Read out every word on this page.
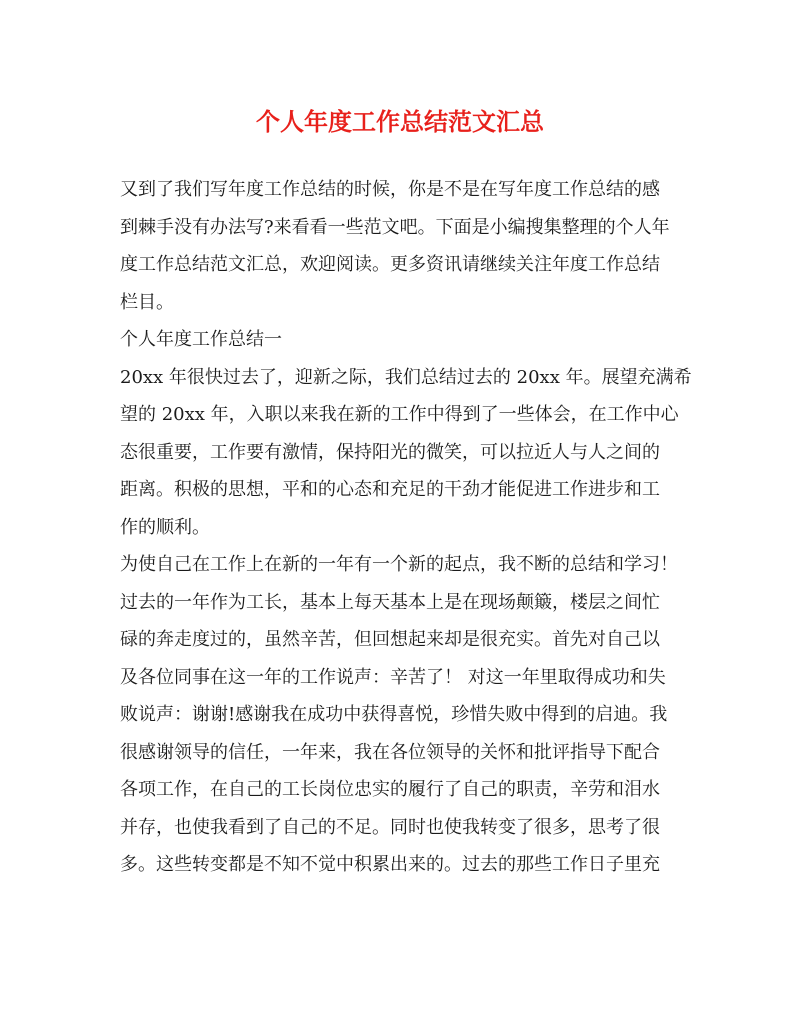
个人年度工作总结范文汇总
又到了我们写年度工作总结的时候，你是不是在写年度工作总结的感
到棘手没有办法写?来看看一些范文吧。下面是小编搜集整理的个人年
度工作总结范文汇总，欢迎阅读。更多资讯请继续关注年度工作总结
栏目。
个人年度工作总结一
20xx 年很快过去了，迎新之际，我们总结过去的 20xx 年。展望充满希
望的 20xx 年，入职以来我在新的工作中得到了一些体会，在工作中心
态很重要，工作要有激情，保持阳光的微笑，可以拉近人与人之间的
距离。积极的思想，平和的心态和充足的干劲才能促进工作进步和工
作的顺利。
为使自己在工作上在新的一年有一个新的起点，我不断的总结和学习！
过去的一年作为工长，基本上每天基本上是在现场颠簸，楼层之间忙
碌的奔走度过的，虽然辛苦，但回想起来却是很充实。首先对自己以
及各位同事在这一年的工作说声：辛苦了！ 对这一年里取得成功和失
败说声：谢谢!感谢我在成功中获得喜悦，珍惜失败中得到的启迪。我
很感谢领导的信任，一年来，我在各位领导的关怀和批评指导下配合
各项工作，在自己的工长岗位忠实的履行了自己的职责，辛劳和泪水
并存，也使我看到了自己的不足。同时也使我转变了很多，思考了很
多。这些转变都是不知不觉中积累出来的。过去的那些工作日子里充
